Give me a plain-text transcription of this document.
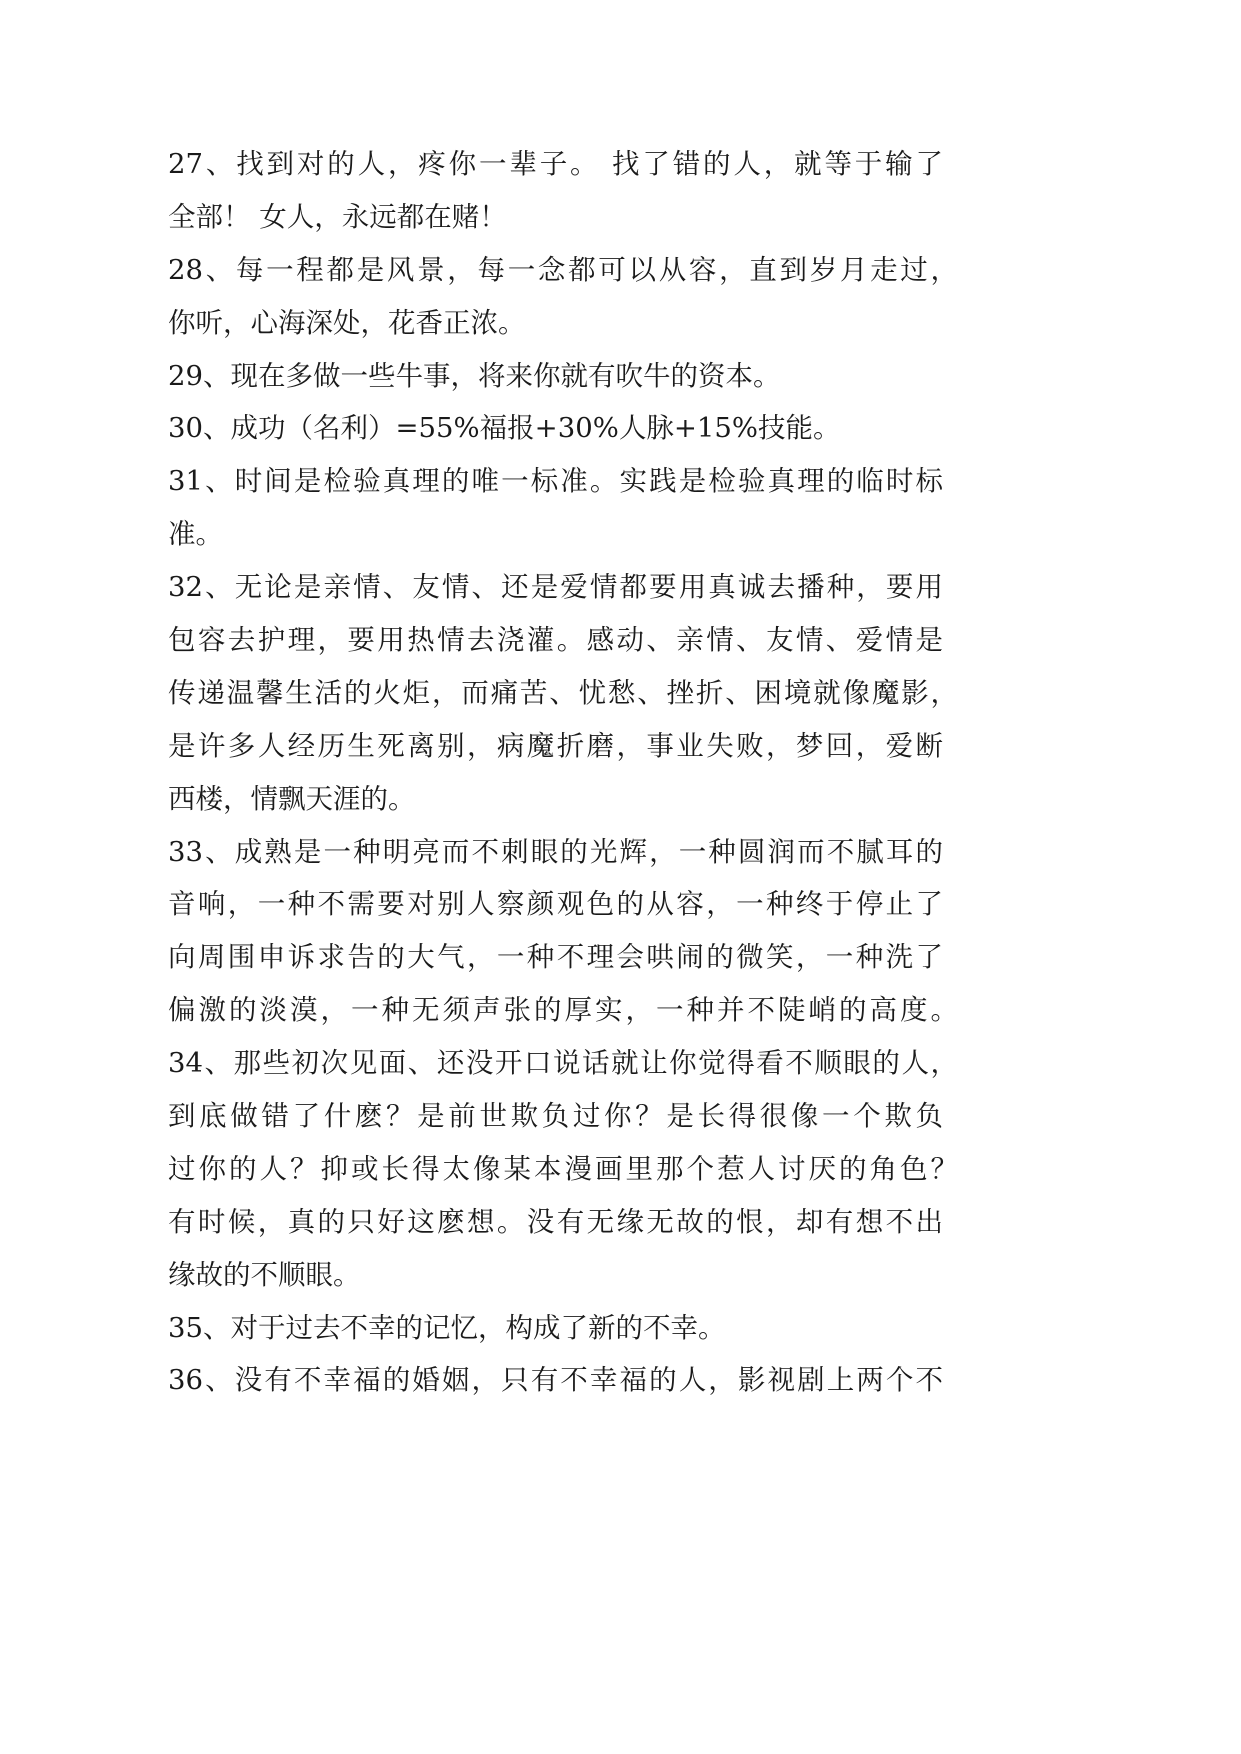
27、找到对的人，疼你一辈子。 找了错的人，就等于输了
全部！ 女人，永远都在赌！
28、每一程都是风景，每一念都可以从容，直到岁月走过，
你听，心海深处，花香正浓。
29、现在多做一些牛事，将来你就有吹牛的资本。
30、成功（名利）=55%福报+30%人脉+15%技能。
31、时间是检验真理的唯一标准。实践是检验真理的临时标
准。
32、无论是亲情、友情、还是爱情都要用真诚去播种，要用
包容去护理，要用热情去浇灌。感动、亲情、友情、爱情是
传递温馨生活的火炬，而痛苦、忧愁、挫折、困境就像魔影，
是许多人经历生死离别，病魔折磨，事业失败，梦回，爱断
西楼，情飘天涯的。
33、成熟是一种明亮而不刺眼的光辉，一种圆润而不腻耳的
音响，一种不需要对别人察颜观色的从容，一种终于停止了
向周围申诉求告的大气，一种不理会哄闹的微笑，一种洗了
偏激的淡漠，一种无须声张的厚实，一种并不陡峭的高度。
34、那些初次见面、还没开口说话就让你觉得看不顺眼的人，
到底做错了什麽？是前世欺负过你？是长得很像一个欺负
过你的人？抑或长得太像某本漫画里那个惹人讨厌的角色？
有时候，真的只好这麽想。没有无缘无故的恨，却有想不出
缘故的不顺眼。
35、对于过去不幸的记忆，构成了新的不幸。
36、没有不幸福的婚姻，只有不幸福的人，影视剧上两个不
